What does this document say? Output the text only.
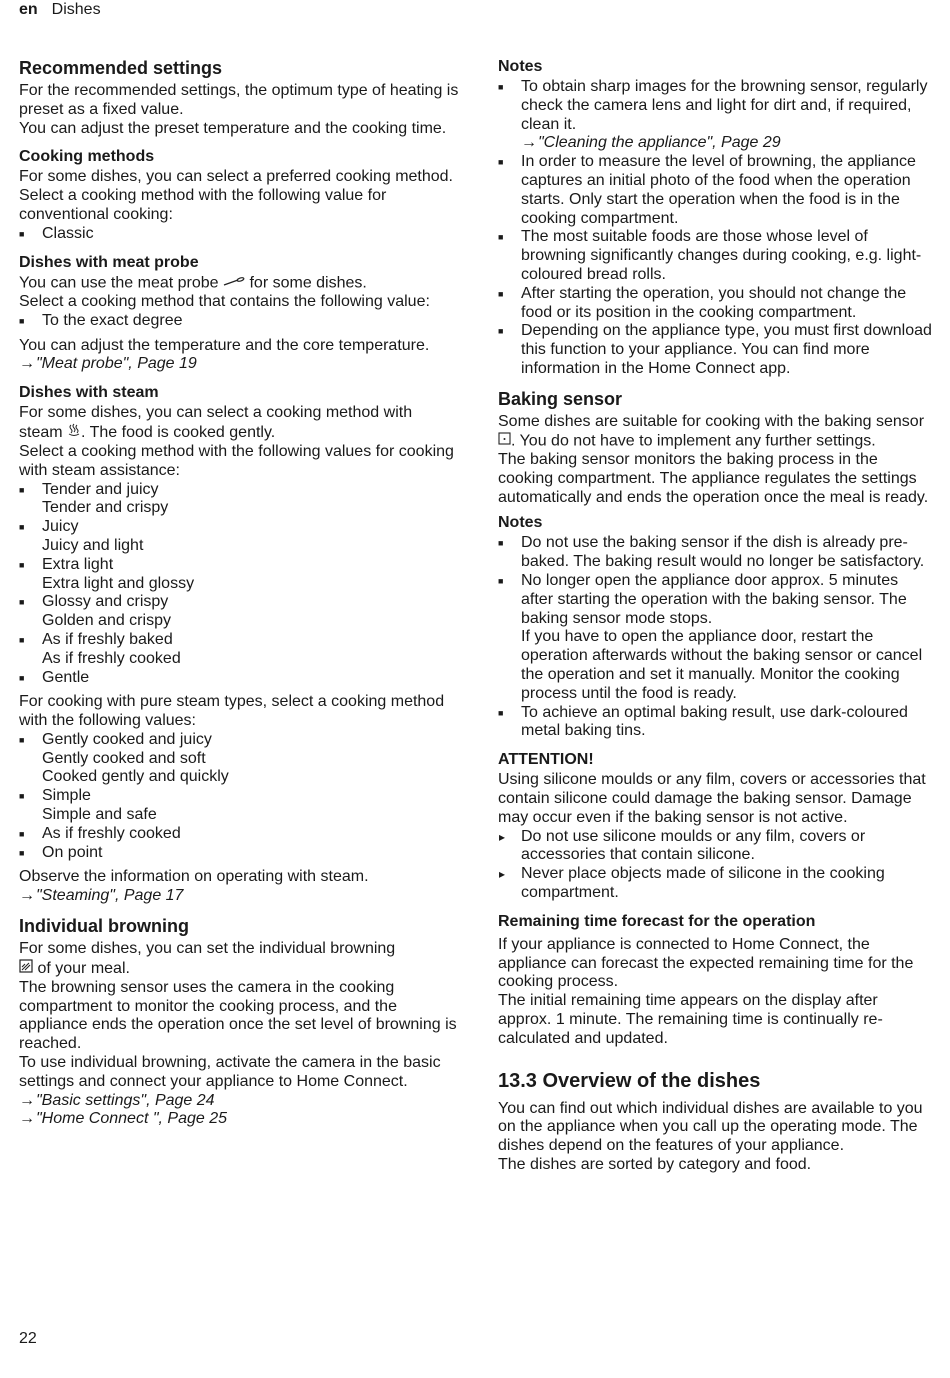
en Dishes
Recommended settings

For the recommended settings, the optimum type of heating is preset as a fixed value.

You can adjust the preset temperature and the cooking time.

Cooking methods

For some dishes, you can select a preferred cooking method.

Select a cooking method with the following value for conventional cooking:

■ Classic
Dishes with meat probe

You can use the meat probe for some dishes.

Select a cooking method that contains the following value:

■ To the exact degree

You can adjust the temperature and the core temperature.

→"Meat probe", Page 19

Dishes with steam

For some dishes, you can select a cooking method with steam . The food is cooked gently.

Select a cooking method with the following values for cooking with steam assistance:

■ Tender and juicy
Tender and crispy
■ Juicy
Juicy and light
■ Extra light
Extra light and glossy
■ Glossy and crispy
Golden and crispy
■ As if freshly baked
As if freshly cooked
■ Gentle

For cooking with pure steam types, select a cooking method with the following values:

■ Gently cooked and juicy
Gently cooked and soft
Cooked gently and quickly
■ Simple
Simple and safe
■ As if freshly cooked
■ On point

Observe the information on operating with steam.

→"Steaming", Page 17

Individual browning

For some dishes, you can set the individual browning
of your meal.

The browning sensor uses the camera in the cooking compartment to monitor the cooking process, and the appliance ends the operation once the set level of browning is reached.

To use individual browning, activate the camera in the basic settings and connect your appliance to Home Connect.

→"Basic settings", Page 24

→"Home Connect ", Page 25

Notes
■ To obtain sharp images for the browning sensor, regularly check the camera lens and light for dirt and, if required, clean it.
→"Cleaning the appliance", Page 29
■ In order to measure the level of browning, the appliance captures an initial photo of the food when the operation starts. Only start the operation when the food is in the cooking compartment.
■ The most suitable foods are those whose level of browning significantly changes during cooking, e.g. light-coloured bread rolls.
■ After starting the operation, you should not change the food or its position in the cooking compartment.
■ Depending on the appliance type, you must first download this function to your appliance. You can find more information in the Home Connect app.
Baking sensor

Some dishes are suitable for cooking with the baking sensor . You do not have to implement any further settings.

The baking sensor monitors the baking process in the cooking compartment. The appliance regulates the settings automatically and ends the operation once the meal is ready.

Notes
■ Do not use the baking sensor if the dish is already pre-baked. The baking result would no longer be satisfactory.
■ No longer open the appliance door approx. 5 minutes after starting the operation with the baking sensor. The baking sensor mode stops.
If you have to open the appliance door, restart the operation afterwards without the baking sensor or cancel the operation and set it manually. Monitor the cooking process until the food is ready.
■ To achieve an optimal baking result, use dark-coloured metal baking tins.
ATTENTION!

Using silicone moulds or any film, covers or accessories that contain silicone could damage the baking sensor. Damage may occur even if the baking sensor is not active.

▸ Do not use silicone moulds or any film, covers or accessories that contain silicone.
▸ Never place objects made of silicone in the cooking compartment.
Remaining time forecast for the operation

If your appliance is connected to Home Connect, the appliance can forecast the expected remaining time for the cooking process.

The initial remaining time appears on the display after approx. 1 minute. The remaining time is continually recalculated and updated.

13.3 Overview of the dishes

You can find out which individual dishes are available to you on the appliance when you call up the operating mode. The dishes depend on the features of your appliance.

The dishes are sorted by category and food.

22
